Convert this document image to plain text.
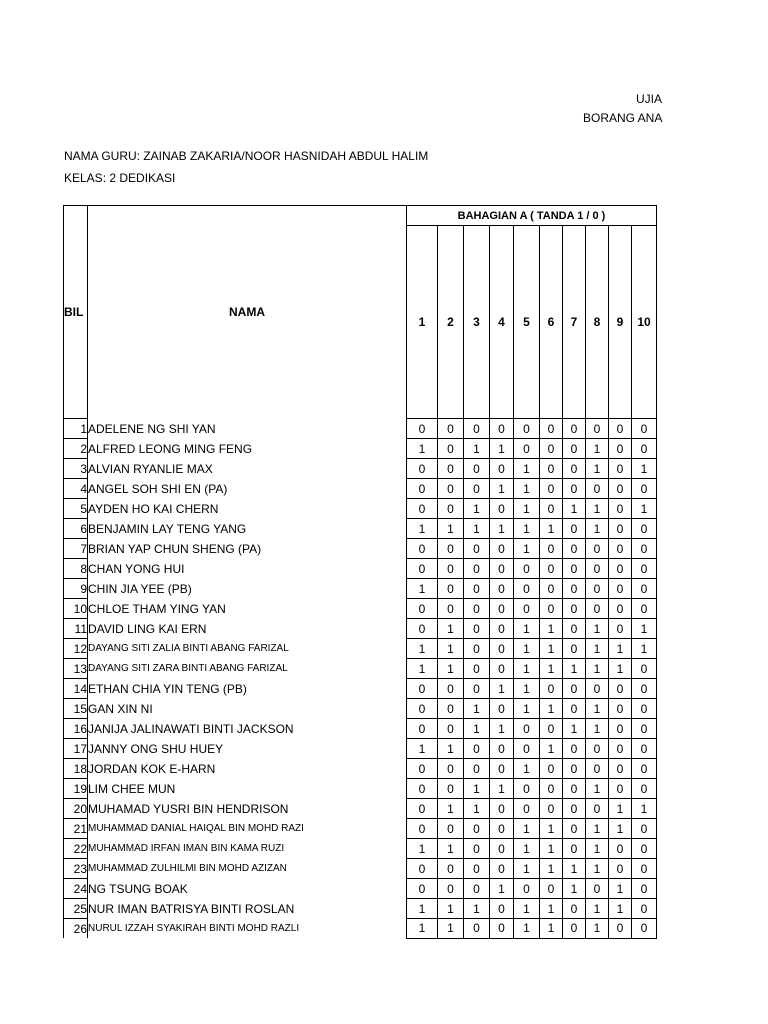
UJIA
BORANG ANA
NAMA GURU: ZAINAB ZAKARIA/NOOR HASNIDAH ABDUL HALIM
KELAS: 2 DEDIKASI
BIL	NAMA	BAHAGIAN A ( TANDA 1 / 0 )									
		1	2	3	4	5	6	7	8	9	10
1	ADELENE NG SHI YAN	0	0	0	0	0	0	0	0	0	0
2	ALFRED LEONG MING FENG	1	0	1	1	0	0	0	1	0	0
3	ALVIAN RYANLIE MAX	0	0	0	0	1	0	0	1	0	1
4	ANGEL SOH SHI EN (PA)	0	0	0	1	1	0	0	0	0	0
5	AYDEN HO KAI CHERN	0	0	1	0	1	0	1	1	0	1
6	BENJAMIN LAY TENG YANG	1	1	1	1	1	1	0	1	0	0
7	BRIAN YAP CHUN SHENG (PA)	0	0	0	0	1	0	0	0	0	0
8	CHAN YONG HUI	0	0	0	0	0	0	0	0	0	0
9	CHIN JIA YEE (PB)	1	0	0	0	0	0	0	0	0	0
10	CHLOE THAM YING YAN	0	0	0	0	0	0	0	0	0	0
11	DAVID LING KAI ERN	0	1	0	0	1	1	0	1	0	1
12	DAYANG SITI ZALIA BINTI ABANG FARIZAL	1	1	0	0	1	1	0	1	1	1
13	DAYANG SITI ZARA BINTI ABANG FARIZAL	1	1	0	0	1	1	1	1	1	0
14	ETHAN CHIA YIN TENG (PB)	0	0	0	1	1	0	0	0	0	0
15	GAN XIN NI	0	0	1	0	1	1	0	1	0	0
16	JANIJA JALINAWATI BINTI JACKSON	0	0	1	1	0	0	1	1	0	0
17	JANNY ONG SHU HUEY	1	1	0	0	0	1	0	0	0	0
18	JORDAN KOK E-HARN	0	0	0	0	1	0	0	0	0	0
19	LIM CHEE MUN	0	0	1	1	0	0	0	1	0	0
20	MUHAMAD YUSRI BIN HENDRISON	0	1	1	0	0	0	0	0	1	1
21	MUHAMMAD DANIAL HAIQAL BIN MOHD RAZI	0	0	0	0	1	1	0	1	1	0
22	MUHAMMAD IRFAN IMAN BIN KAMA RUZI	1	1	0	0	1	1	0	1	0	0
23	MUHAMMAD ZULHILMI BIN MOHD AZIZAN	0	0	0	0	1	1	1	1	0	0
24	NG TSUNG BOAK	0	0	0	1	0	0	1	0	1	0
25	NUR IMAN BATRISYA BINTI ROSLAN	1	1	1	0	1	1	0	1	1	0
26	NURUL IZZAH SYAKIRAH BINTI MOHD RAZLI	1	1	0	0	1	1	0	1	0	0
